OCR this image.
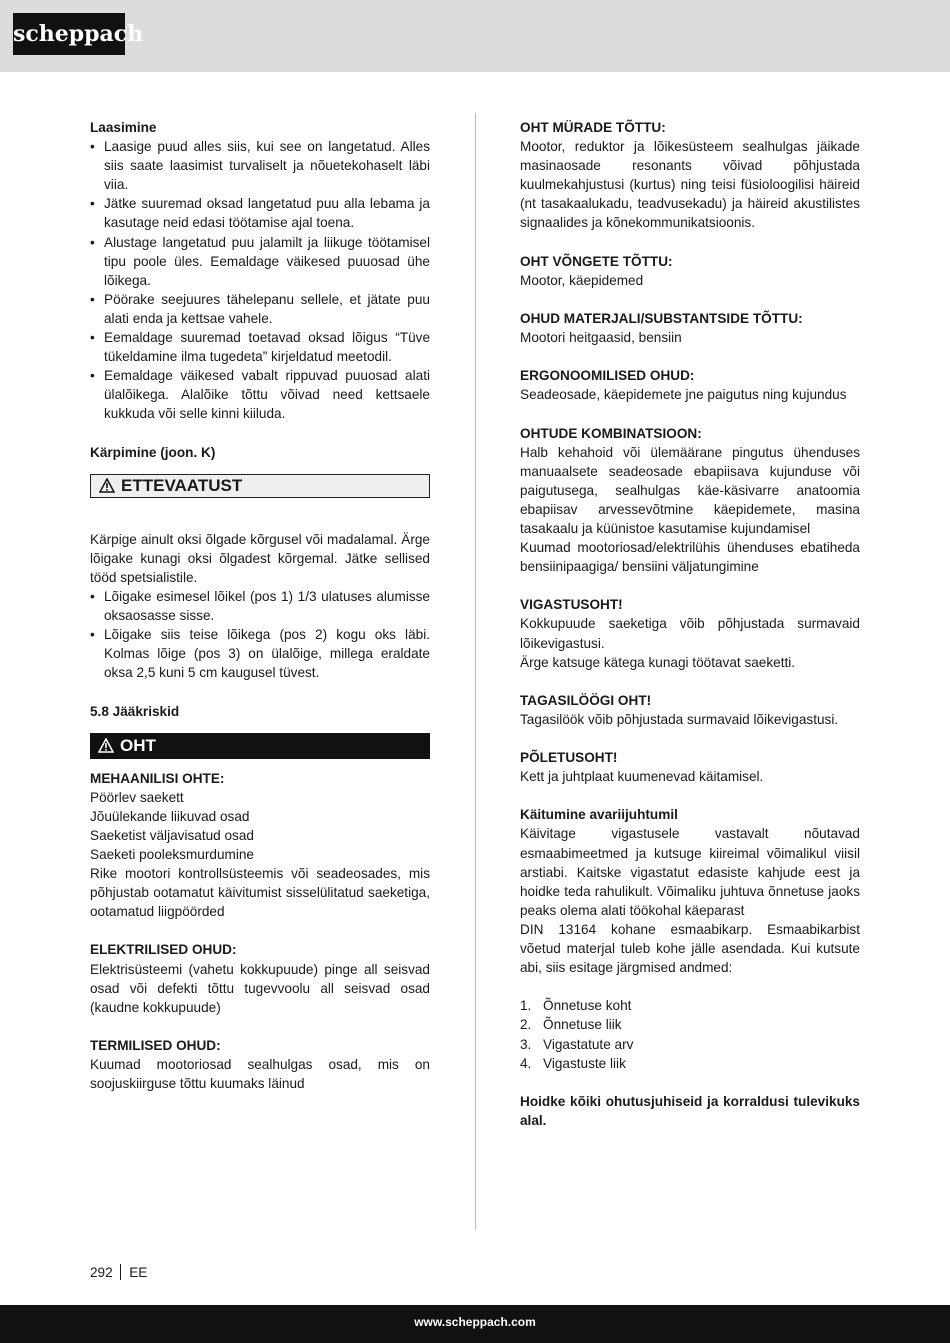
scheppach

Laasimine

• Laasige puud alles siis, kui see on langetatud. Alles siis saate laasimist turvaliselt ja nõuetekohaselt läbi viia.
• Jätke suuremad oksad langetatud puu alla lebama ja kasutage neid edasi töötamise ajal toena.
• Alustage langetatud puu jalamilt ja liikuge töötamisel tipu poole üles. Eemaldage väikesed puuosad ühe lõikega.
• Pöörake seejuures tähelepanu sellele, et jätate puu alati enda ja kettsae vahele.
• Eemaldage suuremad toetavad oksad lõigus “Tüve tükeldamine ilma tugedeta” kirjeldatud meetodil.
• Eemaldage väikesed vabalt rippuvad puuosad alati ülalõikega. Alalõike tõttu võivad need kettsaele kukkuda või selle kinni kiiluda.

Kärpimine (joon. K)

ETTEVAATUST

Kärpige ainult oksi õlgade kõrgusel või madalamal. Ärge lõigake kunagi oksi õlgadest kõrgemal. Jätke sellised tööd spetsialistile.

• Lõigake esimesel lõikel (pos 1) 1/3 ulatuses alumisse oksaosasse sisse.
• Lõigake siis teise lõikega (pos 2) kogu oks läbi. Kolmas lõige (pos 3) on ülalõige, millega eraldate oksa 2,5 kuni 5 cm kaugusel tüvest.

5.8 Jääkriskid

OHT

MEHAANILISI OHTE:

Pöörlev saekett

Jõuülekande liikuvad osad

Saeketist väljavisatud osad

Saeketi pooleksmurdumine

Rike mootori kontrollsüsteemis või seadeosades, mis põhjustab ootamatut käivitumist sisselülitatud saeketiga, ootamatud liigpöörded

ELEKTRILISED OHUD:

Elektrisüsteemi (vahetu kokkupuude) pinge all seisvad osad või defekti tõttu tugevvoolu all seisvad osad (kaudne kokkupuude)

TERMILISED OHUD:

Kuumad mootoriosad sealhulgas osad, mis on soojuskiirguse tõttu kuumaks läinud

OHT MÜRADE TÕTTU:

Mootor, reduktor ja lõikesüsteem sealhulgas jäikade masinaosade resonants võivad põhjustada kuulmekahjustusi (kurtus) ning teisi füsioloogilisi häireid (nt tasakaalukadu, teadvusekadu) ja häireid akustilistes signaalides ja kõnekommunikatsioonis.

OHT VÕNGETE TÕTTU:

Mootor, käepidemed

OHUD MATERJALI/SUBSTANTSIDE TÕTTU:

Mootori heitgaasid, bensiin

ERGONOOMILISED OHUD:

Seadeosade, käepidemete jne paigutus ning kujundus

OHTUDE KOMBINATSIOON:

Halb kehahoid või ülemäärane pingutus ühenduses manuaalsete seadeosade ebapiisava kujunduse või paigutusega, sealhulgas käe-käsivarre anatoomia ebapiisav arvessevõtmine käepidemete, masina tasakaalu ja küünistoe kasutamise kujundamisel

Kuumad mootoriosad/elektrilühis ühenduses ebatiheda bensiinipaagiga/ bensiini väljatungimine

VIGASTUSOHT!

Kokkupuude saeketiga võib põhjustada surmavaid lõikevigastusi.

Ärge katsuge kätega kunagi töötavat saeketti.

TAGASILÖÖGI OHT!

Tagasilöök võib põhjustada surmavaid lõikevigastusi.

PÕLETUSOHT!

Kett ja juhtplaat kuumenevad käitamisel.

Käitumine avariijuhtumil

Käivitage vigastusele vastavalt nõutavad esmaabimeetmed ja kutsuge kiireimal võimalikul viisil arstiabi. Kaitske vigastatut edasiste kahjude eest ja hoidke teda rahulikult. Võimaliku juhtuva õnnetuse jaoks peaks olema alati töökohal käeparast

DIN 13164 kohane esmaabikarp. Esmaabikarbist võetud materjal tuleb kohe jälle asendada. Kui kutsute abi, siis esitage järgmised andmed:

1. Õnnetuse koht
2. Õnnetuse liik
3. Vigastatute arv
4. Vigastuste liik

Hoidke kõiki ohutusjuhiseid ja korraldusi tulevikuks alal.

292 EE
www.scheppach.com
